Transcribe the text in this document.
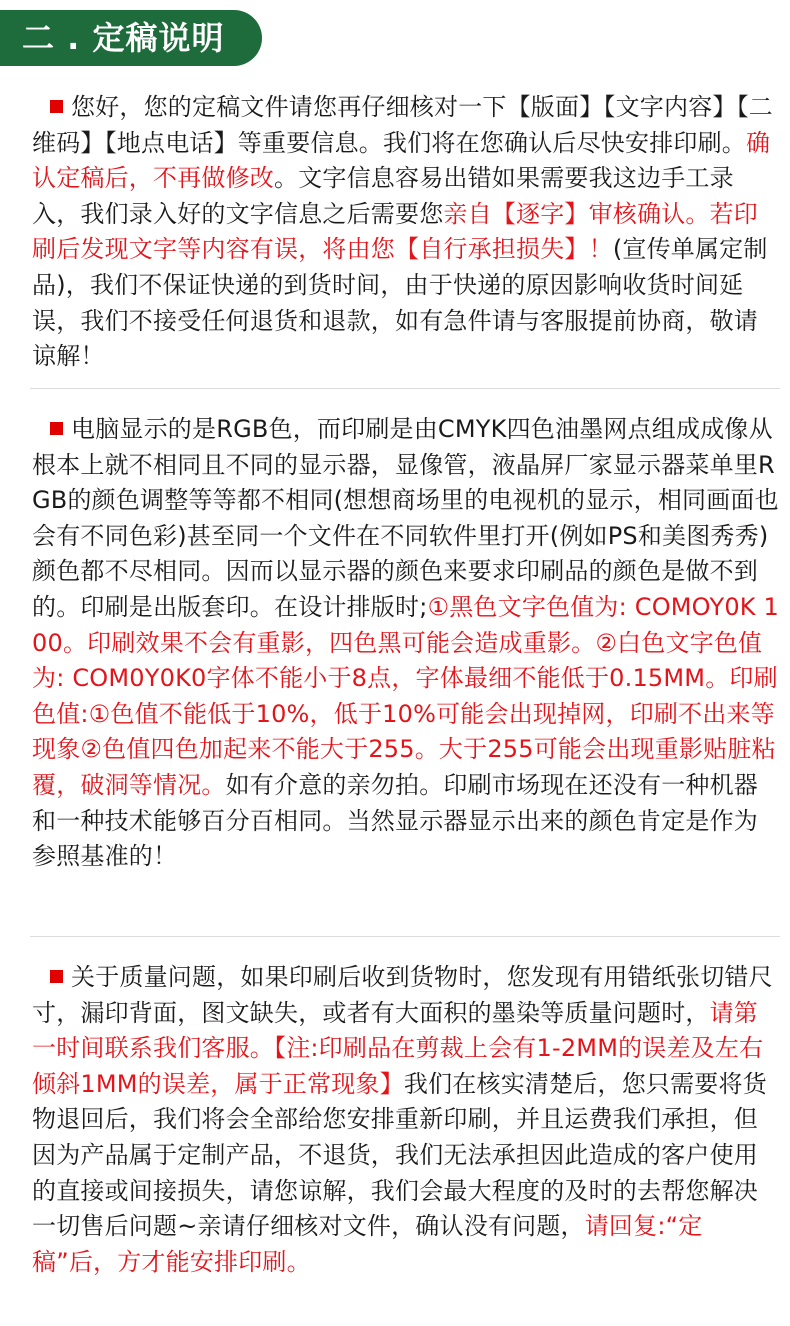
二 . 定稿说明

您好，您的定稿文件请您再仔细核对一下【版面】【文字内容】【二维码】【地点电话】等重要信息。我们将在您确认后尽快安排印刷。确认定稿后，不再做修改。文字信息容易出错如果需要我这边手工录入，我们录入好的文字信息之后需要您亲自【逐字】审核确认。若印刷后发现文字等内容有误，将由您【自行承担损失】！(宣传单属定制品)，我们不保证快递的到货时间，由于快递的原因影响收货时间延误，我们不接受任何退货和退款，如有急件请与客服提前协商，敬请谅解！

电脑显示的是RGB色，而印刷是由CMYK四色油墨网点组成成像从根本上就不相同且不同的显示器，显像管，液晶屏厂家显示器菜单里RGB的颜色调整等等都不相同(想想商场里的电视机的显示，相同画面也会有不同色彩)甚至同一个文件在不同软件里打开(例如PS和美图秀秀)颜色都不尽相同。因而以显示器的颜色来要求印刷品的颜色是做不到的。印刷是出版套印。在设计排版时;①黑色文字色值为: COMOY0K 100。印刷效果不会有重影，四色黑可能会造成重影。②白色文字色值为: COM0Y0K0字体不能小于8点，字体最细不能低于0.15MM。印刷色值:①色值不能低于10%，低于10%可能会出现掉网，印刷不出来等现象②色值四色加起来不能大于255。大于255可能会出现重影贴脏粘覆，破洞等情况。如有介意的亲勿拍。印刷市场现在还没有一种机器和一种技术能够百分百相同。当然显示器显示出来的颜色肯定是作为参照基准的！

关于质量问题，如果印刷后收到货物时，您发现有用错纸张切错尺寸，漏印背面，图文缺失，或者有大面积的墨染等质量问题时，请第一时间联系我们客服。【注:印刷品在剪裁上会有1-2MM的误差及左右倾斜1MM的误差，属于正常现象】我们在核实清楚后，您只需要将货物退回后，我们将会全部给您安排重新印刷，并且运费我们承担，但因为产品属于定制产品，不退货，我们无法承担因此造成的客户使用的直接或间接损失，请您谅解，我们会最大程度的及时的去帮您解决一切售后问题~亲请仔细核对文件，确认没有问题，请回复:“定稿”后，方才能安排印刷。
